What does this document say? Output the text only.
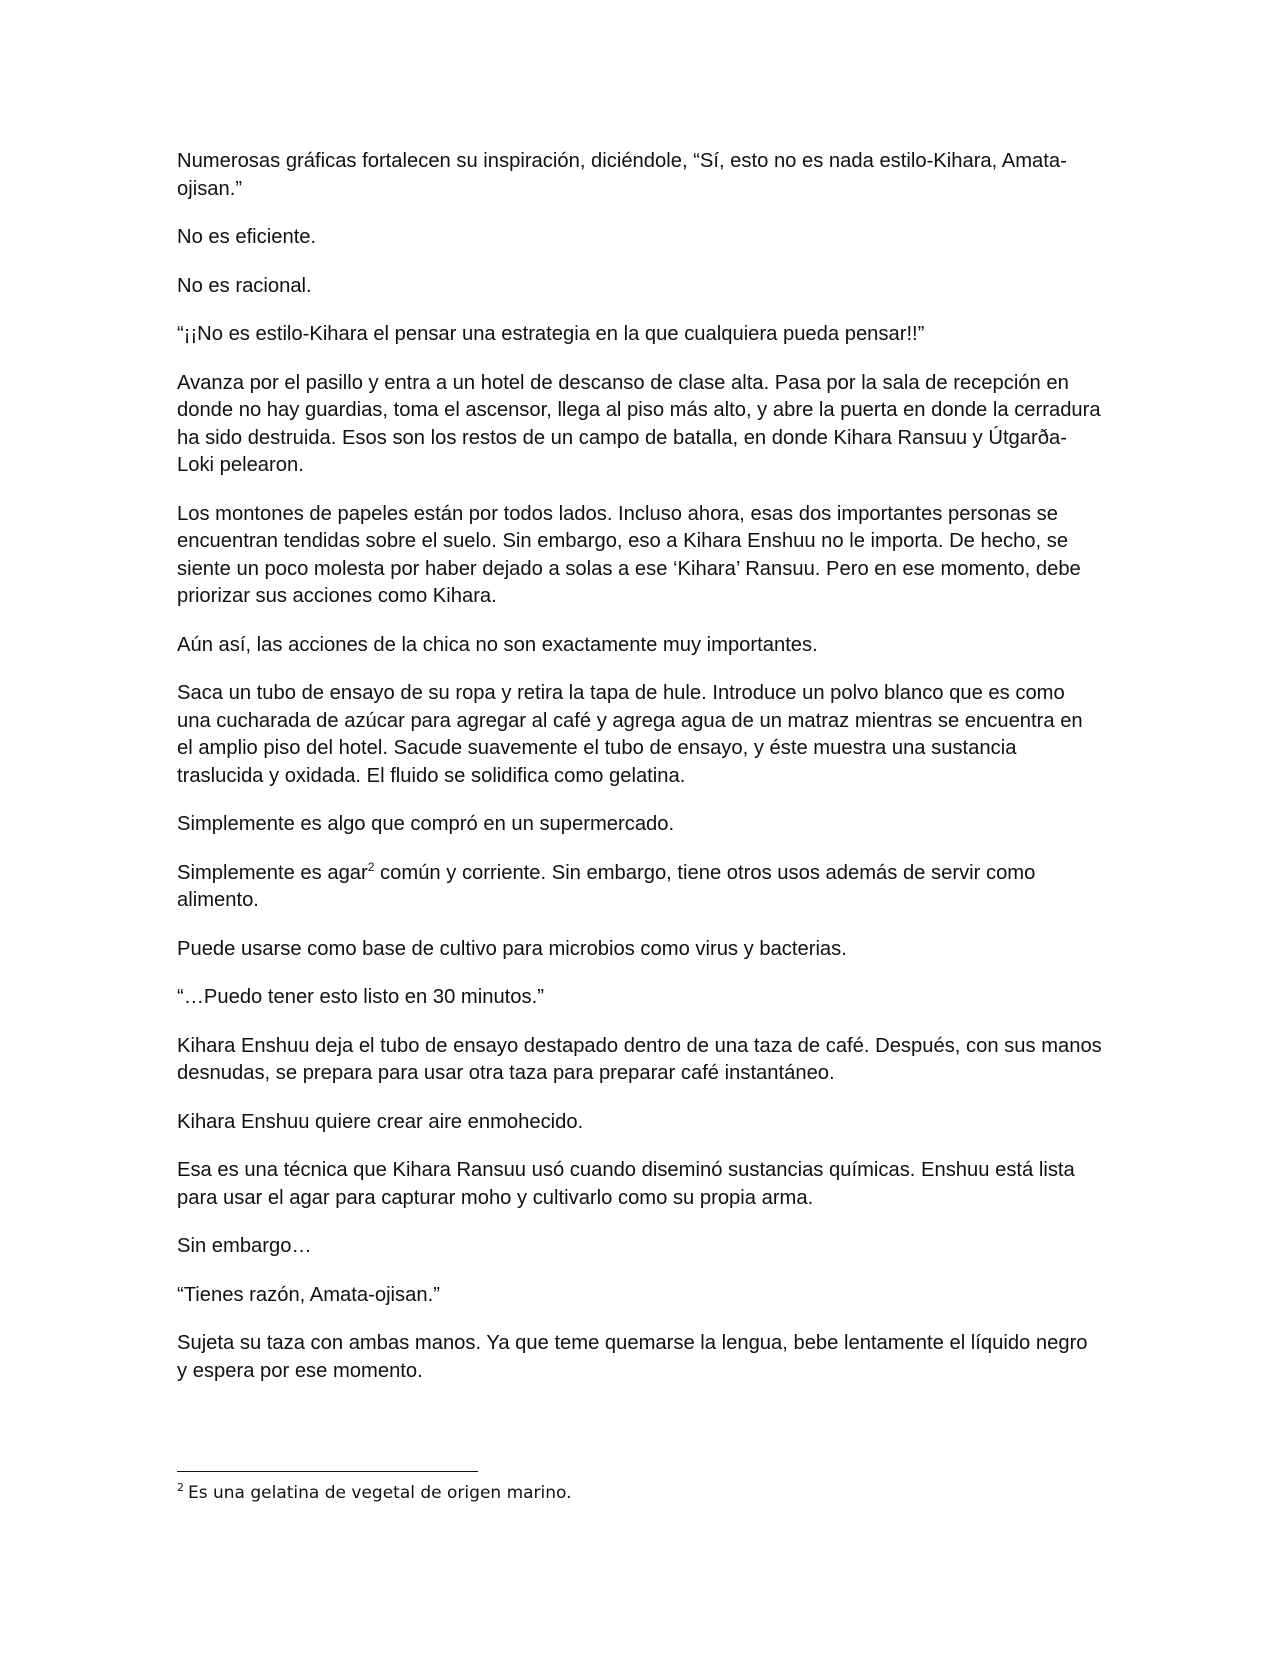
Numerosas gráficas fortalecen su inspiración, diciéndole, “Sí, esto no es nada estilo-Kihara, Amata-ojisan.”

No es eficiente.

No es racional.

“¡¡No es estilo-Kihara el pensar una estrategia en la que cualquiera pueda pensar!!”

Avanza por el pasillo y entra a un hotel de descanso de clase alta. Pasa por la sala de recepción en donde no hay guardias, toma el ascensor, llega al piso más alto, y abre la puerta en donde la cerradura ha sido destruida. Esos son los restos de un campo de batalla, en donde Kihara Ransuu y Útgarða-Loki pelearon.

Los montones de papeles están por todos lados. Incluso ahora, esas dos importantes personas se encuentran tendidas sobre el suelo. Sin embargo, eso a Kihara Enshuu no le importa. De hecho, se siente un poco molesta por haber dejado a solas a ese ‘Kihara’ Ransuu. Pero en ese momento, debe priorizar sus acciones como Kihara.

Aún así, las acciones de la chica no son exactamente muy importantes.

Saca un tubo de ensayo de su ropa y retira la tapa de hule. Introduce un polvo blanco que es como una cucharada de azúcar para agregar al café y agrega agua de un matraz mientras se encuentra en el amplio piso del hotel. Sacude suavemente el tubo de ensayo, y éste muestra una sustancia traslucida y oxidada. El fluido se solidifica como gelatina.

Simplemente es algo que compró en un supermercado.

Simplemente es agar$^2$ común y corriente. Sin embargo, tiene otros usos además de servir como alimento.

Puede usarse como base de cultivo para microbios como virus y bacterias.

“…Puedo tener esto listo en 30 minutos.”

Kihara Enshuu deja el tubo de ensayo destapado dentro de una taza de café. Después, con sus manos desnudas, se prepara para usar otra taza para preparar café instantáneo.

Kihara Enshuu quiere crear aire enmohecido.

Esa es una técnica que Kihara Ransuu usó cuando diseminó sustancias químicas. Enshuu está lista para usar el agar para capturar moho y cultivarlo como su propia arma.

Sin embargo…

“Tienes razón, Amata-ojisan.”

Sujeta su taza con ambas manos. Ya que teme quemarse la lengua, bebe lentamente el líquido negro y espera por ese momento.

$^2$ Es una gelatina de vegetal de origen marino.
